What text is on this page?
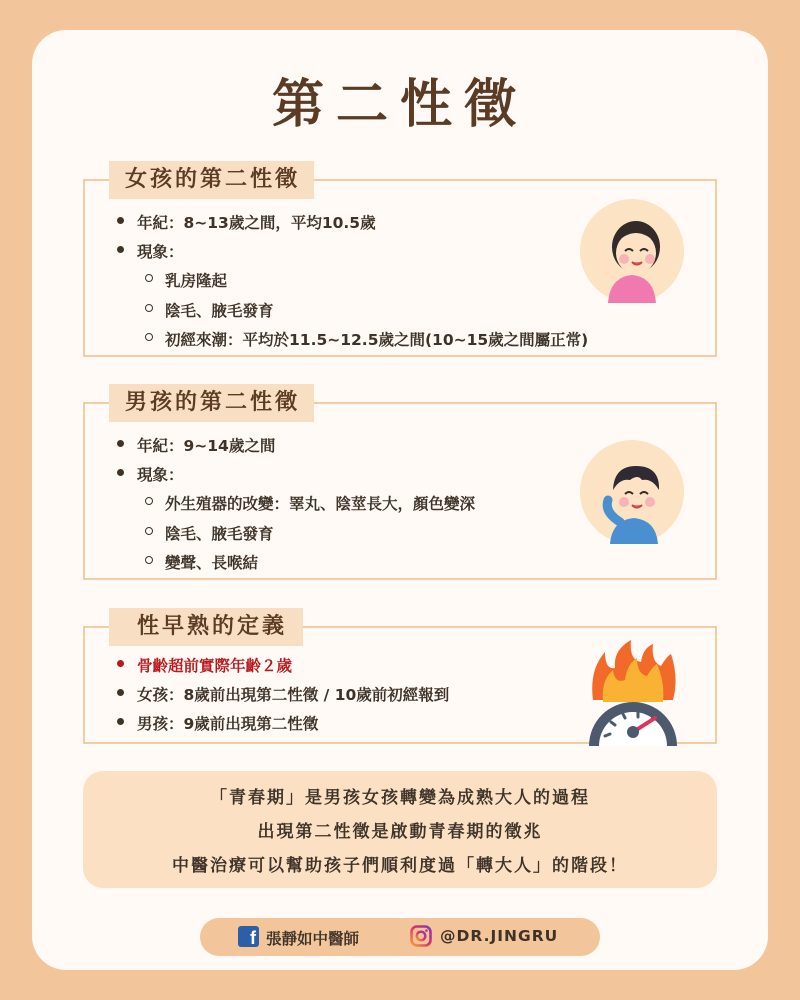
第二性徵
女孩的第二性徵
年紀：8~13歲之間，平均10.5歲
現象：
乳房隆起
陰毛、腋毛發育
初經來潮：平均於11.5~12.5歲之間(10~15歲之間屬正常)
男孩的第二性徵
年紀：9~14歲之間
現象：
外生殖器的改變：睪丸、陰莖長大，顏色變深
陰毛、腋毛發育
變聲、長喉結
性早熟的定義
骨齡超前實際年齡２歲
女孩：8歲前出現第二性徵 / 10歲前初經報到
男孩：9歲前出現第二性徵
「青春期」是男孩女孩轉變為成熟大人的過程
出現第二性徵是啟動青春期的徵兆
中醫治療可以幫助孩子們順利度過「轉大人」的階段！
f 張靜如中醫師	@DR.JINGRU
